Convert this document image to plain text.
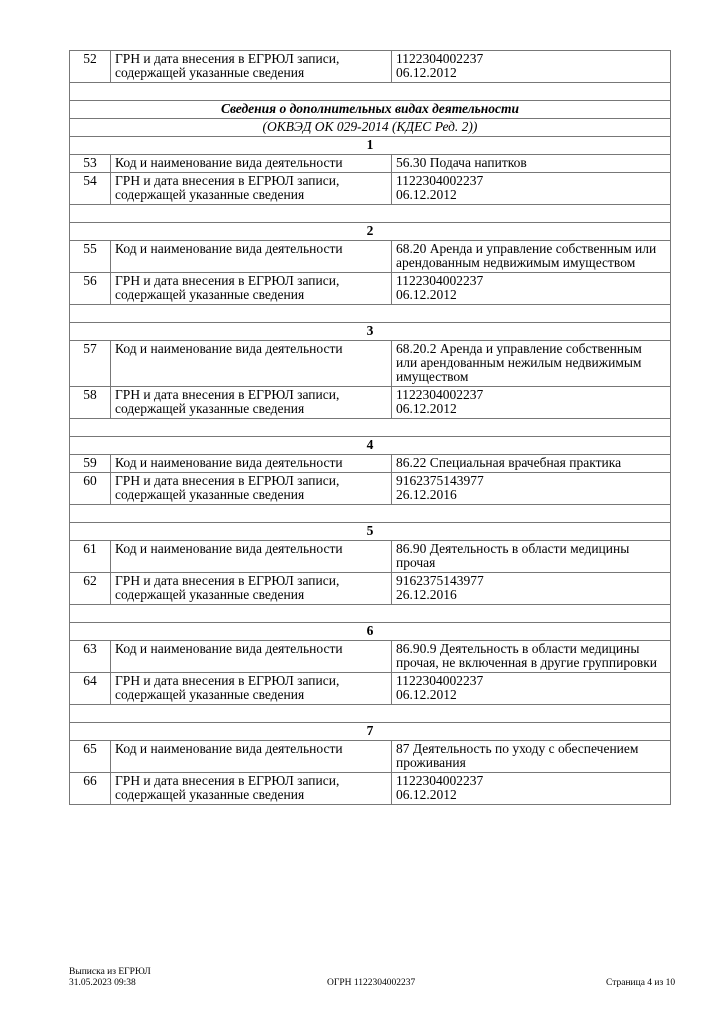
52	ГРН и дата внесения в ЕГРЮЛ записи, содержащей указанные сведения	1122304002237
06.12.2012

Сведения о дополнительных видах деятельности		
(ОКВЭД ОК 029-2014 (КДЕС Ред. 2))		
1		
53	Код и наименование вида деятельности	56.30 Подача напитков

54	ГРН и дата внесения в ЕГРЮЛ записи, содержащей указанные сведения	1122304002237
06.12.2012

2		
55	Код и наименование вида деятельности	68.20 Аренда и управление собственным или арендованным недвижимым имуществом

56	ГРН и дата внесения в ЕГРЮЛ записи, содержащей указанные сведения	1122304002237
06.12.2012

3		
57	Код и наименование вида деятельности	68.20.2 Аренда и управление собственным или арендованным нежилым недвижимым имуществом

58	ГРН и дата внесения в ЕГРЮЛ записи, содержащей указанные сведения	1122304002237
06.12.2012

4		
59	Код и наименование вида деятельности	86.22 Специальная врачебная практика

60	ГРН и дата внесения в ЕГРЮЛ записи, содержащей указанные сведения	9162375143977
26.12.2016

5		
61	Код и наименование вида деятельности	86.90 Деятельность в области медицины прочая

62	ГРН и дата внесения в ЕГРЮЛ записи, содержащей указанные сведения	9162375143977
26.12.2016

6		
63	Код и наименование вида деятельности	86.90.9 Деятельность в области медицины прочая, не включенная в другие группировки

64	ГРН и дата внесения в ЕГРЮЛ записи, содержащей указанные сведения	1122304002237
06.12.2012

7		
65	Код и наименование вида деятельности	87 Деятельность по уходу с обеспечением проживания

66	ГРН и дата внесения в ЕГРЮЛ записи, содержащей указанные сведения	1122304002237
06.12.2012
Выписка из ЕГРЮЛ
31.05.2023 09:38	ОГРН 1122304002237	Страница 4 из 10
